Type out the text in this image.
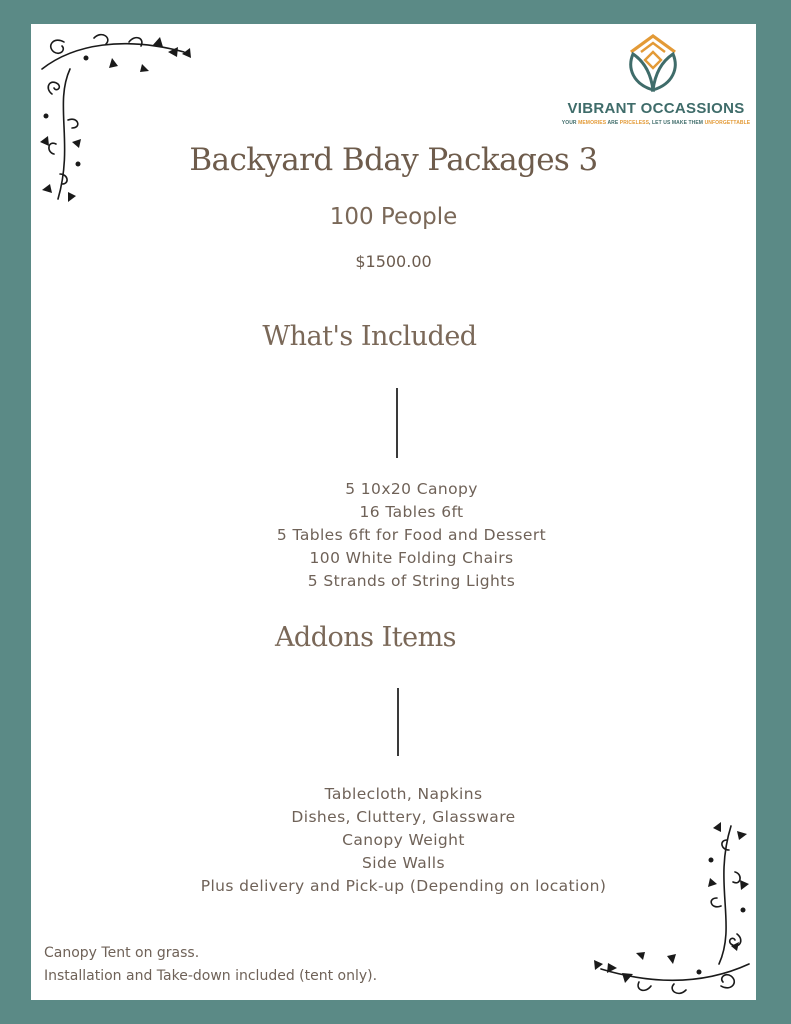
VIBRANT OCCASSIONS
YOUR MEMORIES ARE PRICELESS, LET US MAKE THEM UNFORGETTABLE
Backyard Bday Packages 3
100 People
$1500.00
What's Included
5 10x20 Canopy
16 Tables 6ft
5 Tables 6ft for Food and Dessert
100 White Folding Chairs
5 Strands of String Lights
Addons Items
Tablecloth, Napkins
Dishes, Cluttery, Glassware
Canopy Weight
Side Walls
Plus delivery and Pick-up (Depending on location)
Canopy Tent on grass.
Installation and Take-down included (tent only).
